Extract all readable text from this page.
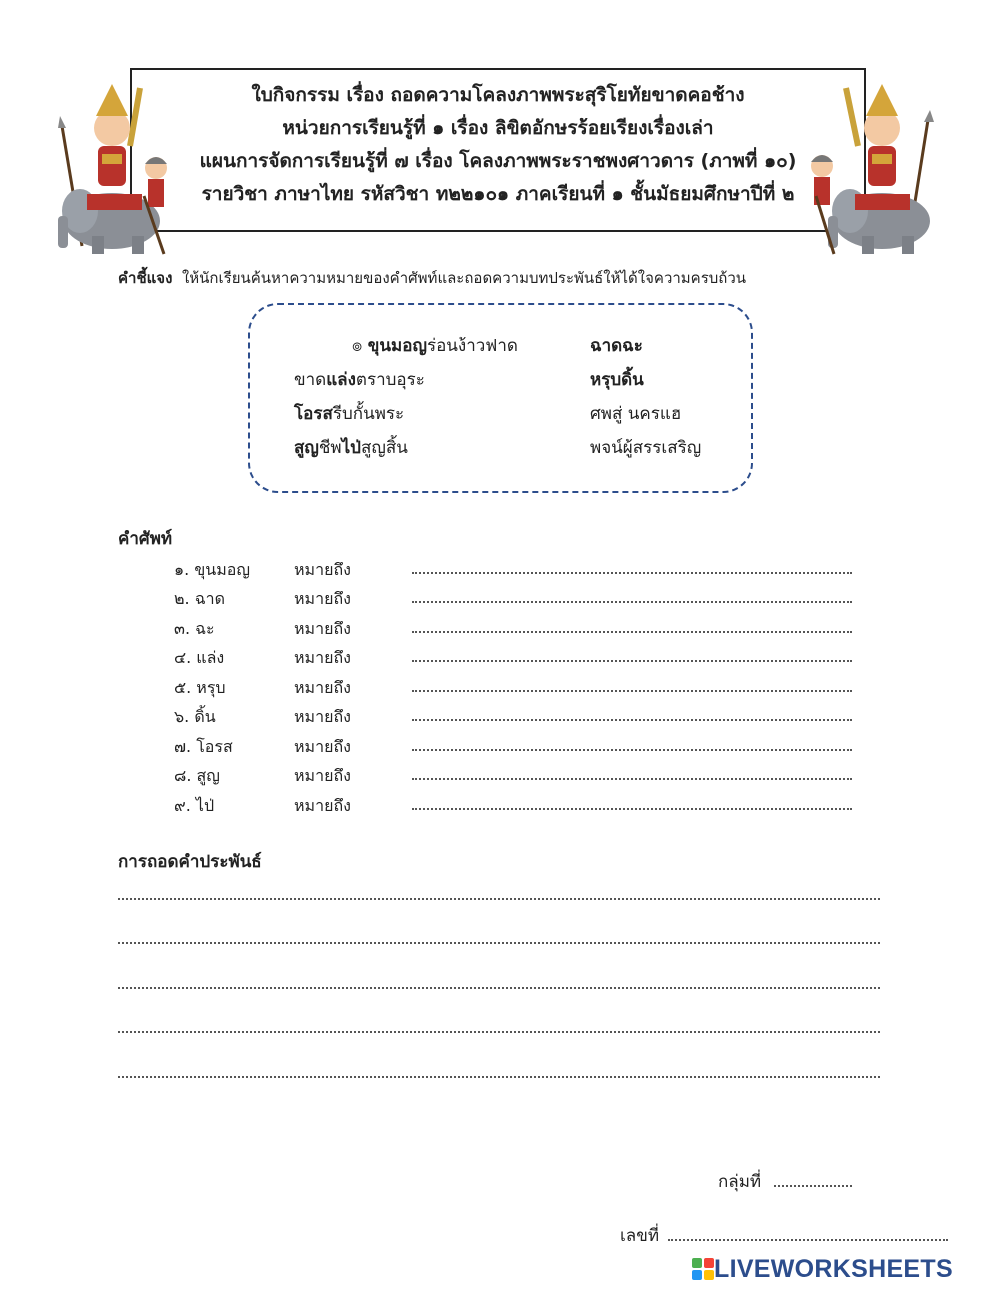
ใบกิจกรรม เรื่อง ถอดความโคลงภาพพระสุริโยทัยขาดคอช้าง
หน่วยการเรียนรู้ที่ ๑ เรื่อง ลิขิตอักษรร้อยเรียงเรื่องเล่า
แผนการจัดการเรียนรู้ที่ ๗ เรื่อง โคลงภาพพระราชพงศาวดาร (ภาพที่ ๑๐)
รายวิชา ภาษาไทย รหัสวิชา ท๒๒๑๐๑ ภาคเรียนที่ ๑ ชั้นมัธยมศึกษาปีที่ ๒
คำชี้แจง ให้นักเรียนค้นหาความหมายของคำศัพท์และถอดความบทประพันธ์ให้ได้ใจความครบถ้วน
๏ ขุนมอญร่อนง้าวฟาด	ฉาดฉะ
ขาดแล่งตราบอุระ	หรุบดิ้น
โอรสรีบกั้นพระ	ศพสู่ นครแฮ
สูญชีพไป่สูญสิ้น	พจน์ผู้สรรเสริญ
คำศัพท์
๑. ขุนมอญ	หมายถึง
๒. ฉาด	หมายถึง
๓. ฉะ	หมายถึง
๔. แล่ง	หมายถึง
๕. หรุบ	หมายถึง
๖. ดิ้น	หมายถึง
๗. โอรส	หมายถึง
๘. สูญ	หมายถึง
๙. ไป่	หมายถึง
การถอดคำประพันธ์
กลุ่มที่
เลขที่
LIVEWORKSHEETS
